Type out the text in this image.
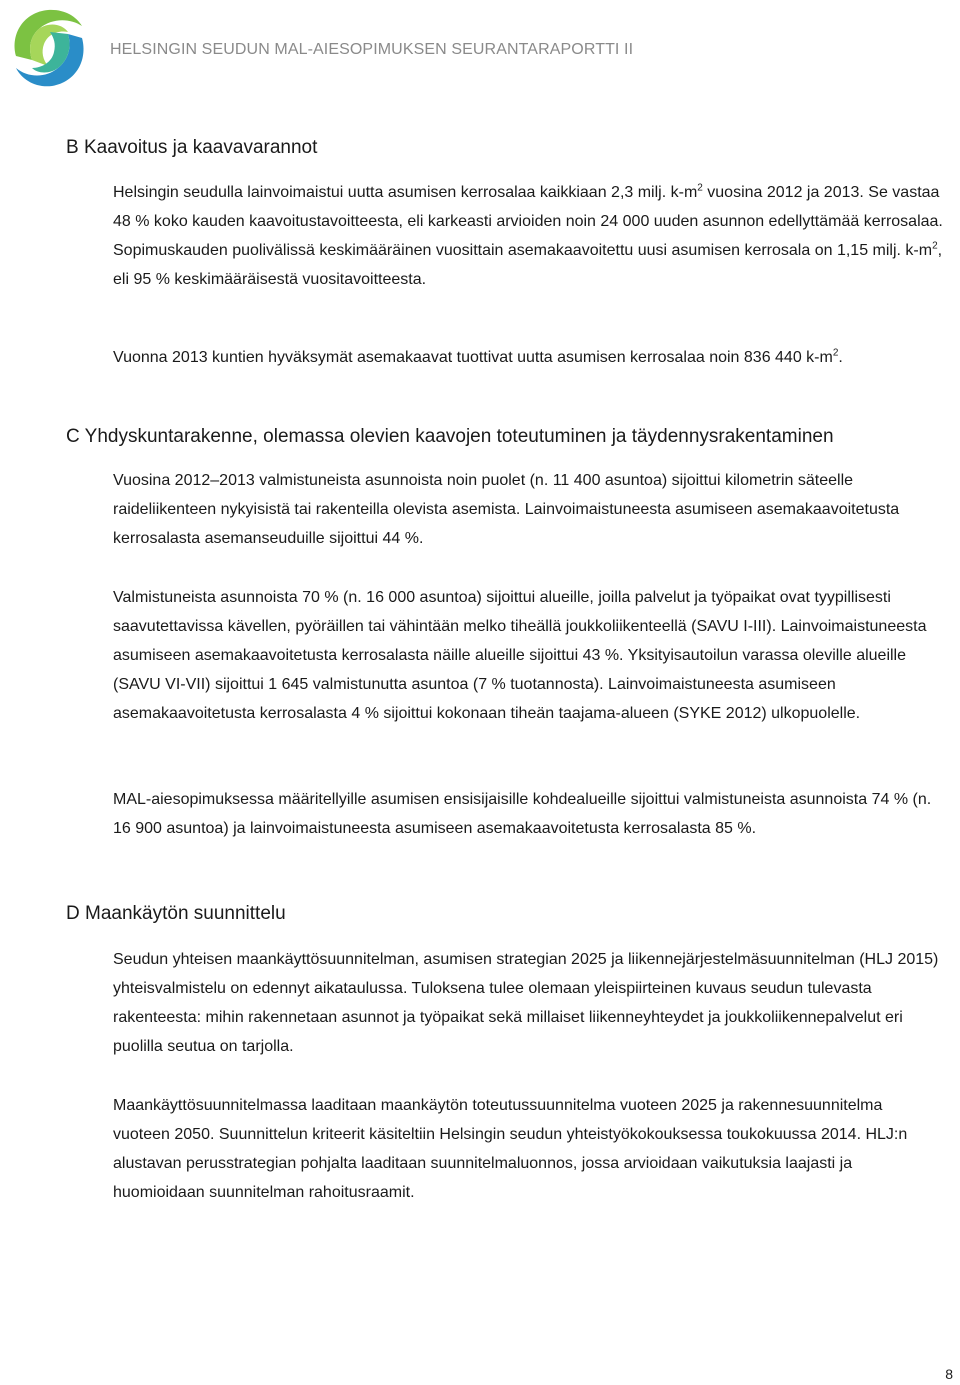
HELSINGIN SEUDUN MAL-AIESOPIMUKSEN SEURANTARAPORTTI II
B Kaavoitus ja kaavavarannot

Helsingin seudulla lainvoimaistui uutta asumisen kerrosalaa kaikkiaan 2,3 milj. $k-m^2$ vuosina 2012 ja 2013. Se vastaa 48 % koko kauden kaavoitustavoitteesta, eli karkeasti arvioiden noin 24 000 uuden asunnon edellyttämää kerrosalaa. Sopimuskauden puolivälissä keskimääräinen vuosittain asemakaavoitettu uusi asumisen kerrosala on 1,15 milj. $k-m^2$, eli 95 % keskimääräisestä vuositavoitteesta.

Vuonna 2013 kuntien hyväksymät asemakaavat tuottivat uutta asumisen kerrosalaa noin 836 440 $k-m^2$.

C Yhdyskuntarakenne, olemassa olevien kaavojen toteutuminen ja täydennysrakentaminen

Vuosina 2012–2013 valmistuneista asunnoista noin puolet (n. 11 400 asuntoa) sijoittui kilometrin säteelle raideliikenteen nykyisistä tai rakenteilla olevista asemista. Lainvoimaistuneesta asumiseen asemakaavoitetusta kerrosalasta asemanseuduille sijoittui 44 %.

Valmistuneista asunnoista 70 % (n. 16 000 asuntoa) sijoittui alueille, joilla palvelut ja työpaikat ovat tyypillisesti saavutettavissa kävellen, pyöräillen tai vähintään melko tiheällä joukkoliikenteellä (SAVU I-III). Lainvoimaistuneesta asumiseen asemakaavoitetusta kerrosalasta näille alueille sijoittui 43 %. Yksityisautoilun varassa oleville alueille (SAVU VI-VII) sijoittui 1 645 valmistunutta asuntoa (7 % tuotannosta). Lainvoimaistuneesta asumiseen asemakaavoitetusta kerrosalasta 4 % sijoittui kokonaan tiheän taajama-alueen (SYKE 2012) ulkopuolelle.

MAL-aiesopimuksessa määritellyille asumisen ensisijaisille kohdealueille sijoittui valmistuneista asunnoista 74 % (n. 16 900 asuntoa) ja lainvoimaistuneesta asumiseen asemakaavoitetusta kerrosalasta 85 %.

D Maankäytön suunnittelu

Seudun yhteisen maankäyttösuunnitelman, asumisen strategian 2025 ja liikennejärjestelmäsuunnitelman (HLJ 2015) yhteisvalmistelu on edennyt aikataulussa. Tuloksena tulee olemaan yleispiirteinen kuvaus seudun tulevasta rakenteesta: mihin rakennetaan asunnot ja työpaikat sekä millaiset liikenneyhteydet ja joukkoliikennepalvelut eri puolilla seutua on tarjolla.

Maankäyttösuunnitelmassa laaditaan maankäytön toteutussuunnitelma vuoteen 2025 ja rakennesuunnitelma vuoteen 2050. Suunnittelun kriteerit käsiteltiin Helsingin seudun yhteistyökokouksessa toukokuussa 2014. HLJ:n alustavan perusstrategian pohjalta laaditaan suunnitelmaluonnos, jossa arvioidaan vaikutuksia laajasti ja huomioidaan suunnitelman rahoitusraamit.

8
